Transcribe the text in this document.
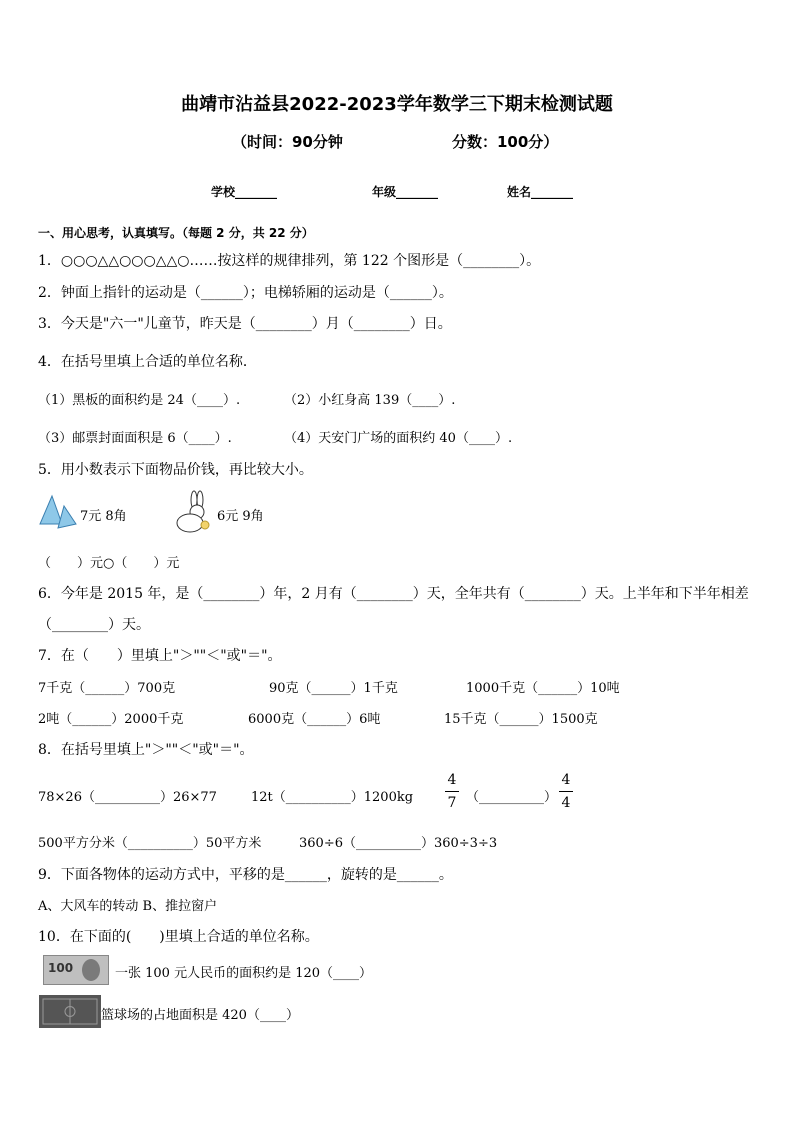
曲靖市沾益县2022-2023学年数学三下期末检测试题
（时间：90分钟	分数：100分）
学校_______	年级_______	姓名_______
一、用心思考，认真填写。（每题 2 分，共 22 分）
1．○○○△△○○○△△○……按这样的规律排列，第 122 个图形是（________）。
2．钟面上指针的运动是（______）；电梯轿厢的运动是（______）。
3．今天是"六一"儿童节，昨天是（________）月（________）日。
4．在括号里填上合适的单位名称．
（1）黑板的面积约是 24（____）.	（2）小红身高 139（____）.
（3）邮票封面面积是 6（____）.	（4）天安门广场的面积约 40（____）.
5．用小数表示下面物品价钱，再比较大小。
7元 8角	6元 9角
（　　）元○（　　）元
6．今年是 2015 年，是（________）年，2 月有（________）天，全年共有（________）天。上半年和下半年相差
（________）天。
7．在（　　）里填上"＞""＜"或"＝"。
7千克（______）700克	90克（______）1千克	1000千克（______）10吨
2吨（______）2000千克	6000克（______）6吨	15千克（______）1500克
8．在括号里填上"＞""＜"或"＝"。
78×26（__________）26×77	12t（__________）1200kg $\frac{4}{7}$ （__________） $\frac{4}{4}$
500平方分米（__________）50平方米	360÷6（__________）360÷3÷3
9．下面各物体的运动方式中，平移的是______，旋转的是______。
A、大风车的转动 B、推拉窗户
10．在下面的(　　)里填上合适的单位名称。
100	一张 100 元人民币的面积约是 120（____）
篮球场的占地面积是 420（____）
